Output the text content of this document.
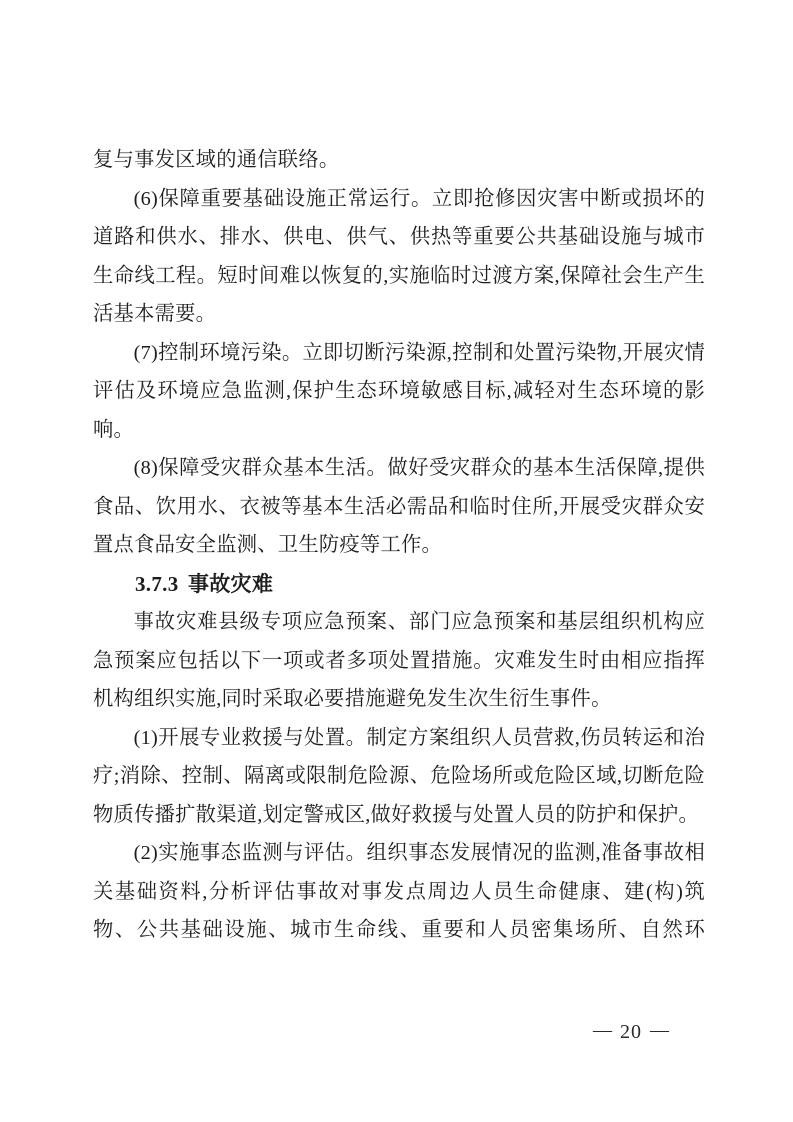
复与事发区域的通信联络。

(6)保障重要基础设施正常运行。立即抢修因灾害中断或损坏的道路和供水、排水、供电、供气、供热等重要公共基础设施与城市生命线工程。短时间难以恢复的,实施临时过渡方案,保障社会生产生活基本需要。

(7)控制环境污染。立即切断污染源,控制和处置污染物,开展灾情评估及环境应急监测,保护生态环境敏感目标,减轻对生态环境的影响。

(8)保障受灾群众基本生活。做好受灾群众的基本生活保障,提供食品、饮用水、衣被等基本生活必需品和临时住所,开展受灾群众安置点食品安全监测、卫生防疫等工作。

3.7.3 事故灾难

事故灾难县级专项应急预案、部门应急预案和基层组织机构应急预案应包括以下一项或者多项处置措施。灾难发生时由相应指挥机构组织实施,同时采取必要措施避免发生次生衍生事件。

(1)开展专业救援与处置。制定方案组织人员营救,伤员转运和治疗;消除、控制、隔离或限制危险源、危险场所或危险区域,切断危险物质传播扩散渠道,划定警戒区,做好救援与处置人员的防护和保护。

(2)实施事态监测与评估。组织事态发展情况的监测,准备事故相关基础资料,分析评估事故对事发点周边人员生命健康、建(构)筑物、公共基础设施、城市生命线、重要和人员密集场所、自然环

— 20 —
